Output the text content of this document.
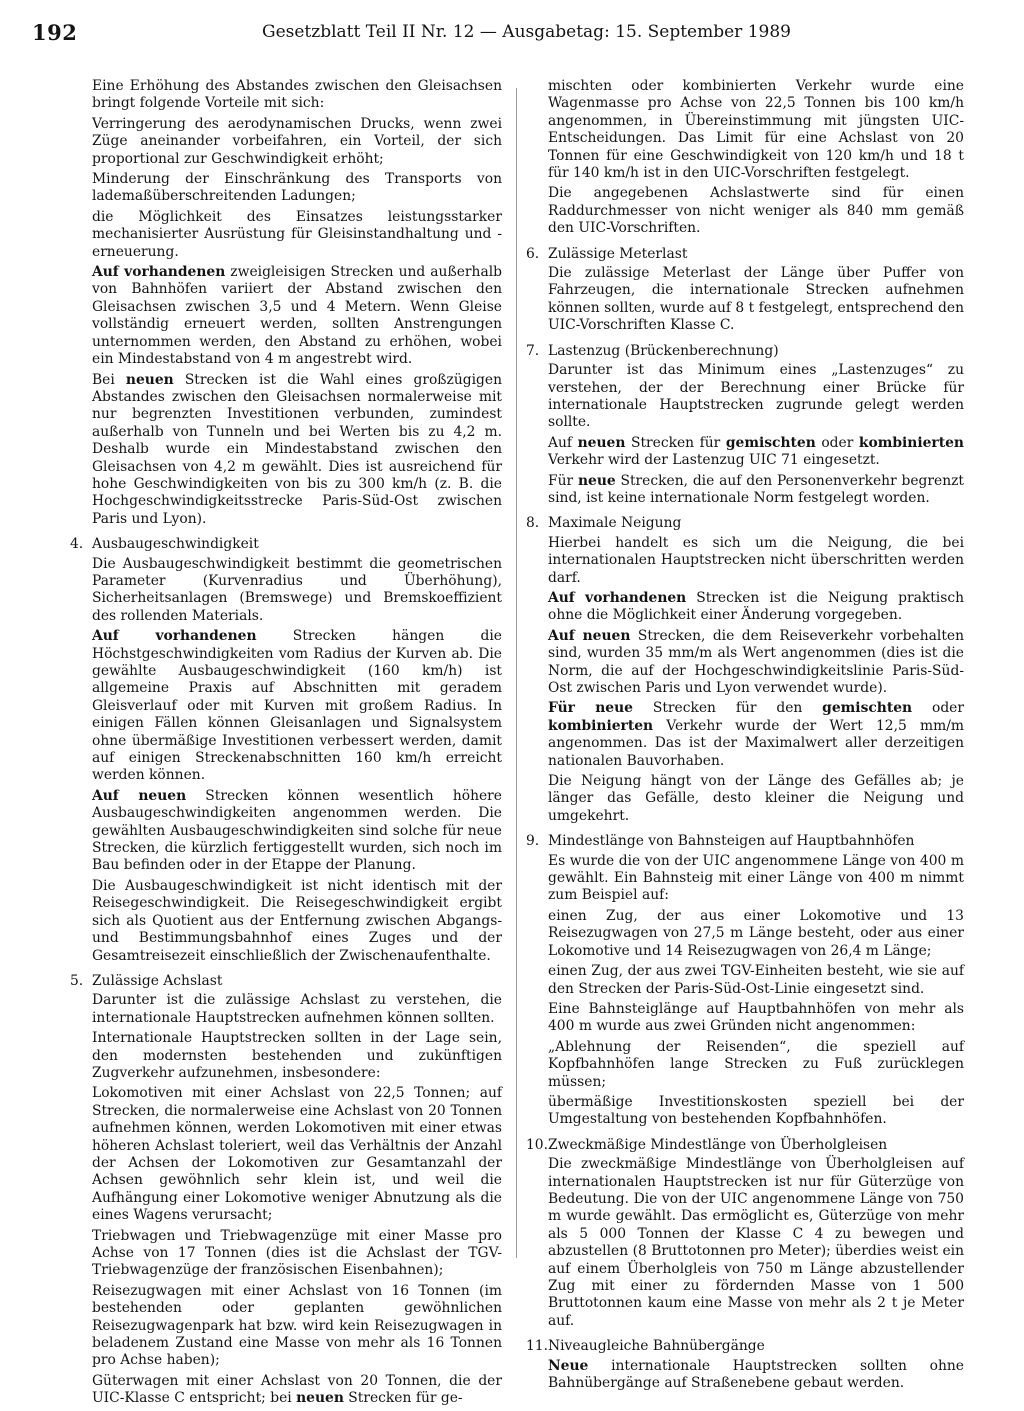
192	Gesetzblatt Teil II Nr. 12 — Ausgabetag: 15. September 1989

Eine Erhöhung des Abstandes zwischen den Gleisachsen bringt folgende Vorteile mit sich:

Verringerung des aerodynamischen Drucks, wenn zwei Züge aneinander vorbeifahren, ein Vorteil, der sich proportional zur Geschwindigkeit erhöht;

Minderung der Einschränkung des Transports von lademaßüberschreitenden Ladungen;

die Möglichkeit des Einsatzes leistungsstarker mechanisierter Ausrüstung für Gleisinstandhaltung und -erneuerung.

Auf vorhandenen zweigleisigen Strecken und außerhalb von Bahnhöfen variiert der Abstand zwischen den Gleisachsen zwischen 3,5 und 4 Metern. Wenn Gleise vollständig erneuert werden, sollten Anstrengungen unternommen werden, den Abstand zu erhöhen, wobei ein Mindestabstand von 4 m angestrebt wird.

Bei neuen Strecken ist die Wahl eines großzügigen Abstandes zwischen den Gleisachsen normalerweise mit nur begrenzten Investitionen verbunden, zumindest außerhalb von Tunneln und bei Werten bis zu 4,2 m. Deshalb wurde ein Mindestabstand zwischen den Gleisachsen von 4,2 m gewählt. Dies ist ausreichend für hohe Geschwindigkeiten von bis zu 300 km/h (z. B. die Hochgeschwindigkeitsstrecke Paris-Süd-Ost zwischen Paris und Lyon).

4. Ausbaugeschwindigkeit

Die Ausbaugeschwindigkeit bestimmt die geometrischen Parameter (Kurvenradius und Überhöhung), Sicherheitsanlagen (Bremswege) und Bremskoeffizient des rollenden Materials.

Auf vorhandenen Strecken hängen die Höchstgeschwindigkeiten vom Radius der Kurven ab. Die gewählte Ausbaugeschwindigkeit (160 km/h) ist allgemeine Praxis auf Abschnitten mit geradem Gleisverlauf oder mit Kurven mit großem Radius. In einigen Fällen können Gleisanlagen und Signalsystem ohne übermäßige Investitionen verbessert werden, damit auf einigen Streckenabschnitten 160 km/h erreicht werden können.

Auf neuen Strecken können wesentlich höhere Ausbaugeschwindigkeiten angenommen werden. Die gewählten Ausbaugeschwindigkeiten sind solche für neue Strecken, die kürzlich fertiggestellt wurden, sich noch im Bau befinden oder in der Etappe der Planung.

Die Ausbaugeschwindigkeit ist nicht identisch mit der Reisegeschwindigkeit. Die Reisegeschwindigkeit ergibt sich als Quotient aus der Entfernung zwischen Abgangs- und Bestimmungsbahnhof eines Zuges und der Gesamtreisezeit einschließlich der Zwischenaufenthalte.

5. Zulässige Achslast

Darunter ist die zulässige Achslast zu verstehen, die internationale Hauptstrecken aufnehmen können sollten.

Internationale Hauptstrecken sollten in der Lage sein, den modernsten bestehenden und zukünftigen Zugverkehr aufzunehmen, insbesondere:

Lokomotiven mit einer Achslast von 22,5 Tonnen; auf Strecken, die normalerweise eine Achslast von 20 Tonnen aufnehmen können, werden Lokomotiven mit einer etwas höheren Achslast toleriert, weil das Verhältnis der Anzahl der Achsen der Lokomotiven zur Gesamtanzahl der Achsen gewöhnlich sehr klein ist, und weil die Aufhängung einer Lokomotive weniger Abnutzung als die eines Wagens verursacht;

Triebwagen und Triebwagenzüge mit einer Masse pro Achse von 17 Tonnen (dies ist die Achslast der TGV-Triebwagenzüge der französischen Eisenbahnen);

Reisezugwagen mit einer Achslast von 16 Tonnen (im bestehenden oder geplanten gewöhnlichen Reisezugwagenpark hat bzw. wird kein Reisezugwagen in beladenem Zustand eine Masse von mehr als 16 Tonnen pro Achse haben);

Güterwagen mit einer Achslast von 20 Tonnen, die der UIC-Klasse C entspricht; bei neuen Strecken für ge-

mischten oder kombinierten Verkehr wurde eine Wagenmasse pro Achse von 22,5 Tonnen bis 100 km/h angenommen, in Übereinstimmung mit jüngsten UIC-Entscheidungen. Das Limit für eine Achslast von 20 Tonnen für eine Geschwindigkeit von 120 km/h und 18 t für 140 km/h ist in den UIC-Vorschriften festgelegt.

Die angegebenen Achslastwerte sind für einen Raddurchmesser von nicht weniger als 840 mm gemäß den UIC-Vorschriften.

6. Zulässige Meterlast

Die zulässige Meterlast der Länge über Puffer von Fahrzeugen, die internationale Strecken aufnehmen können sollten, wurde auf 8 t festgelegt, entsprechend den UIC-Vorschriften Klasse C.

7. Lastenzug (Brückenberechnung)

Darunter ist das Minimum eines „Lastenzuges“ zu verstehen, der der Berechnung einer Brücke für internationale Hauptstrecken zugrunde gelegt werden sollte.

Auf neuen Strecken für gemischten oder kombinierten Verkehr wird der Lastenzug UIC 71 eingesetzt.

Für neue Strecken, die auf den Personenverkehr begrenzt sind, ist keine internationale Norm festgelegt worden.

8. Maximale Neigung

Hierbei handelt es sich um die Neigung, die bei internationalen Hauptstrecken nicht überschritten werden darf.

Auf vorhandenen Strecken ist die Neigung praktisch ohne die Möglichkeit einer Änderung vorgegeben.

Auf neuen Strecken, die dem Reiseverkehr vorbehalten sind, wurden 35 mm/m als Wert angenommen (dies ist die Norm, die auf der Hochgeschwindigkeitslinie Paris-Süd-Ost zwischen Paris und Lyon verwendet wurde).

Für neue Strecken für den gemischten oder kombinierten Verkehr wurde der Wert 12,5 mm/m angenommen. Das ist der Maximalwert aller derzeitigen nationalen Bauvorhaben.

Die Neigung hängt von der Länge des Gefälles ab; je länger das Gefälle, desto kleiner die Neigung und umgekehrt.

9. Mindestlänge von Bahnsteigen auf Hauptbahnhöfen

Es wurde die von der UIC angenommene Länge von 400 m gewählt. Ein Bahnsteig mit einer Länge von 400 m nimmt zum Beispiel auf:

einen Zug, der aus einer Lokomotive und 13 Reisezugwagen von 27,5 m Länge besteht, oder aus einer Lokomotive und 14 Reisezugwagen von 26,4 m Länge;

einen Zug, der aus zwei TGV-Einheiten besteht, wie sie auf den Strecken der Paris-Süd-Ost-Linie eingesetzt sind.

Eine Bahnsteiglänge auf Hauptbahnhöfen von mehr als 400 m wurde aus zwei Gründen nicht angenommen:

„Ablehnung der Reisenden“, die speziell auf Kopfbahnhöfen lange Strecken zu Fuß zurücklegen müssen;

übermäßige Investitionskosten speziell bei der Umgestaltung von bestehenden Kopfbahnhöfen.

10. Zweckmäßige Mindestlänge von Überholgleisen

Die zweckmäßige Mindestlänge von Überholgleisen auf internationalen Hauptstrecken ist nur für Güterzüge von Bedeutung. Die von der UIC angenommene Länge von 750 m wurde gewählt. Das ermöglicht es, Güterzüge von mehr als 5 000 Tonnen der Klasse C 4 zu bewegen und abzustellen (8 Bruttotonnen pro Meter); überdies weist ein auf einem Überholgleis von 750 m Länge abzustellender Zug mit einer zu fördernden Masse von 1 500 Bruttotonnen kaum eine Masse von mehr als 2 t je Meter auf.

11. Niveaugleiche Bahnübergänge

Neue internationale Hauptstrecken sollten ohne Bahnübergänge auf Straßenebene gebaut werden.
